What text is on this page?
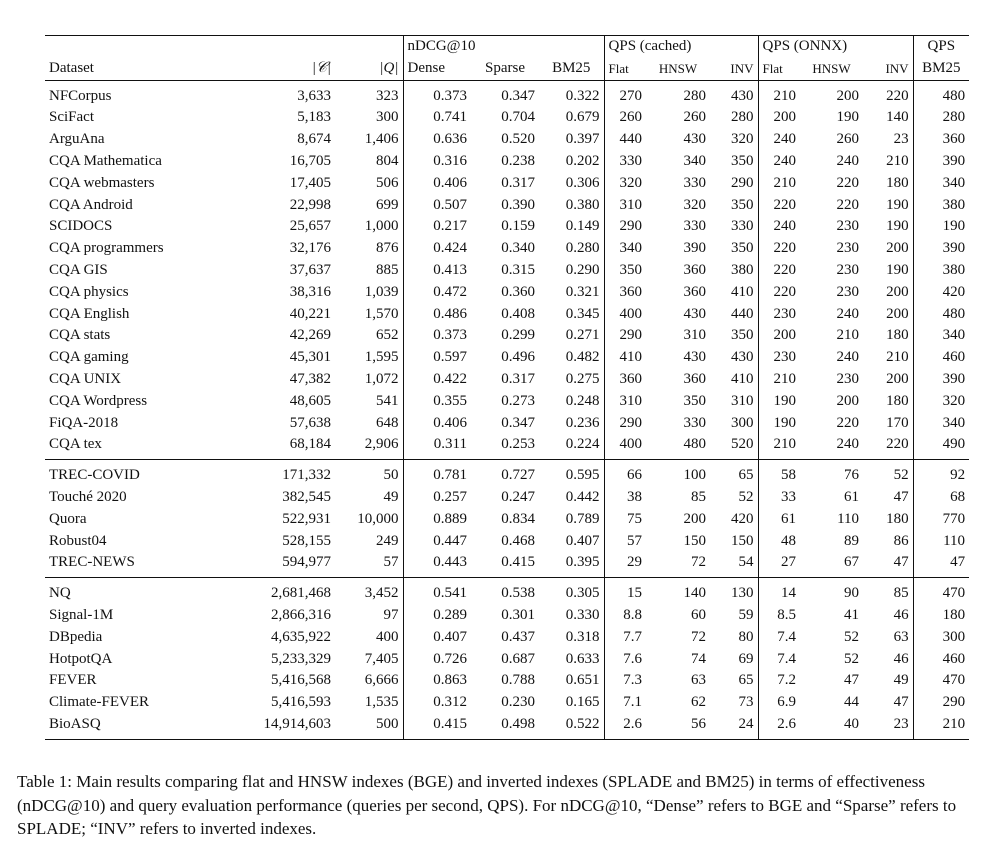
			nDCG@10			QPS (cached)			QPS (ONNX)			QPS
Dataset	|𝒞|	|Q|	Dense	Sparse	BM25	Flat	HNSW	INV	Flat	HNSW	INV	BM25
NFCorpus	3,633	323	0.373	0.347	0.322	270	280	430	210	200	220	480
SciFact	5,183	300	0.741	0.704	0.679	260	260	280	200	190	140	280
ArguAna	8,674	1,406	0.636	0.520	0.397	440	430	320	240	260	23	360
CQA Mathematica	16,705	804	0.316	0.238	0.202	330	340	350	240	240	210	390
CQA webmasters	17,405	506	0.406	0.317	0.306	320	330	290	210	220	180	340
CQA Android	22,998	699	0.507	0.390	0.380	310	320	350	220	220	190	380
SCIDOCS	25,657	1,000	0.217	0.159	0.149	290	330	330	240	230	190	190
CQA programmers	32,176	876	0.424	0.340	0.280	340	390	350	220	230	200	390
CQA GIS	37,637	885	0.413	0.315	0.290	350	360	380	220	230	190	380
CQA physics	38,316	1,039	0.472	0.360	0.321	360	360	410	220	230	200	420
CQA English	40,221	1,570	0.486	0.408	0.345	400	430	440	230	240	200	480
CQA stats	42,269	652	0.373	0.299	0.271	290	310	350	200	210	180	340
CQA gaming	45,301	1,595	0.597	0.496	0.482	410	430	430	230	240	210	460
CQA UNIX	47,382	1,072	0.422	0.317	0.275	360	360	410	210	230	200	390
CQA Wordpress	48,605	541	0.355	0.273	0.248	310	350	310	190	200	180	320
FiQA-2018	57,638	648	0.406	0.347	0.236	290	330	300	190	220	170	340
CQA tex	68,184	2,906	0.311	0.253	0.224	400	480	520	210	240	220	490
TREC-COVID	171,332	50	0.781	0.727	0.595	66	100	65	58	76	52	92
Touché 2020	382,545	49	0.257	0.247	0.442	38	85	52	33	61	47	68
Quora	522,931	10,000	0.889	0.834	0.789	75	200	420	61	110	180	770
Robust04	528,155	249	0.447	0.468	0.407	57	150	150	48	89	86	110
TREC-NEWS	594,977	57	0.443	0.415	0.395	29	72	54	27	67	47	47
NQ	2,681,468	3,452	0.541	0.538	0.305	15	140	130	14	90	85	470
Signal-1M	2,866,316	97	0.289	0.301	0.330	8.8	60	59	8.5	41	46	180
DBpedia	4,635,922	400	0.407	0.437	0.318	7.7	72	80	7.4	52	63	300
HotpotQA	5,233,329	7,405	0.726	0.687	0.633	7.6	74	69	7.4	52	46	460
FEVER	5,416,568	6,666	0.863	0.788	0.651	7.3	63	65	7.2	47	49	470
Climate-FEVER	5,416,593	1,535	0.312	0.230	0.165	7.1	62	73	6.9	44	47	290
BioASQ	14,914,603	500	0.415	0.498	0.522	2.6	56	24	2.6	40	23	210

Table 1: Main results comparing flat and HNSW indexes (BGE) and inverted indexes (SPLADE and BM25) in terms of effectiveness (nDCG@10) and query evaluation performance (queries per second, QPS). For nDCG@10, “Dense” refers to BGE and “Sparse” refers to SPLADE; “INV” refers to inverted indexes.
